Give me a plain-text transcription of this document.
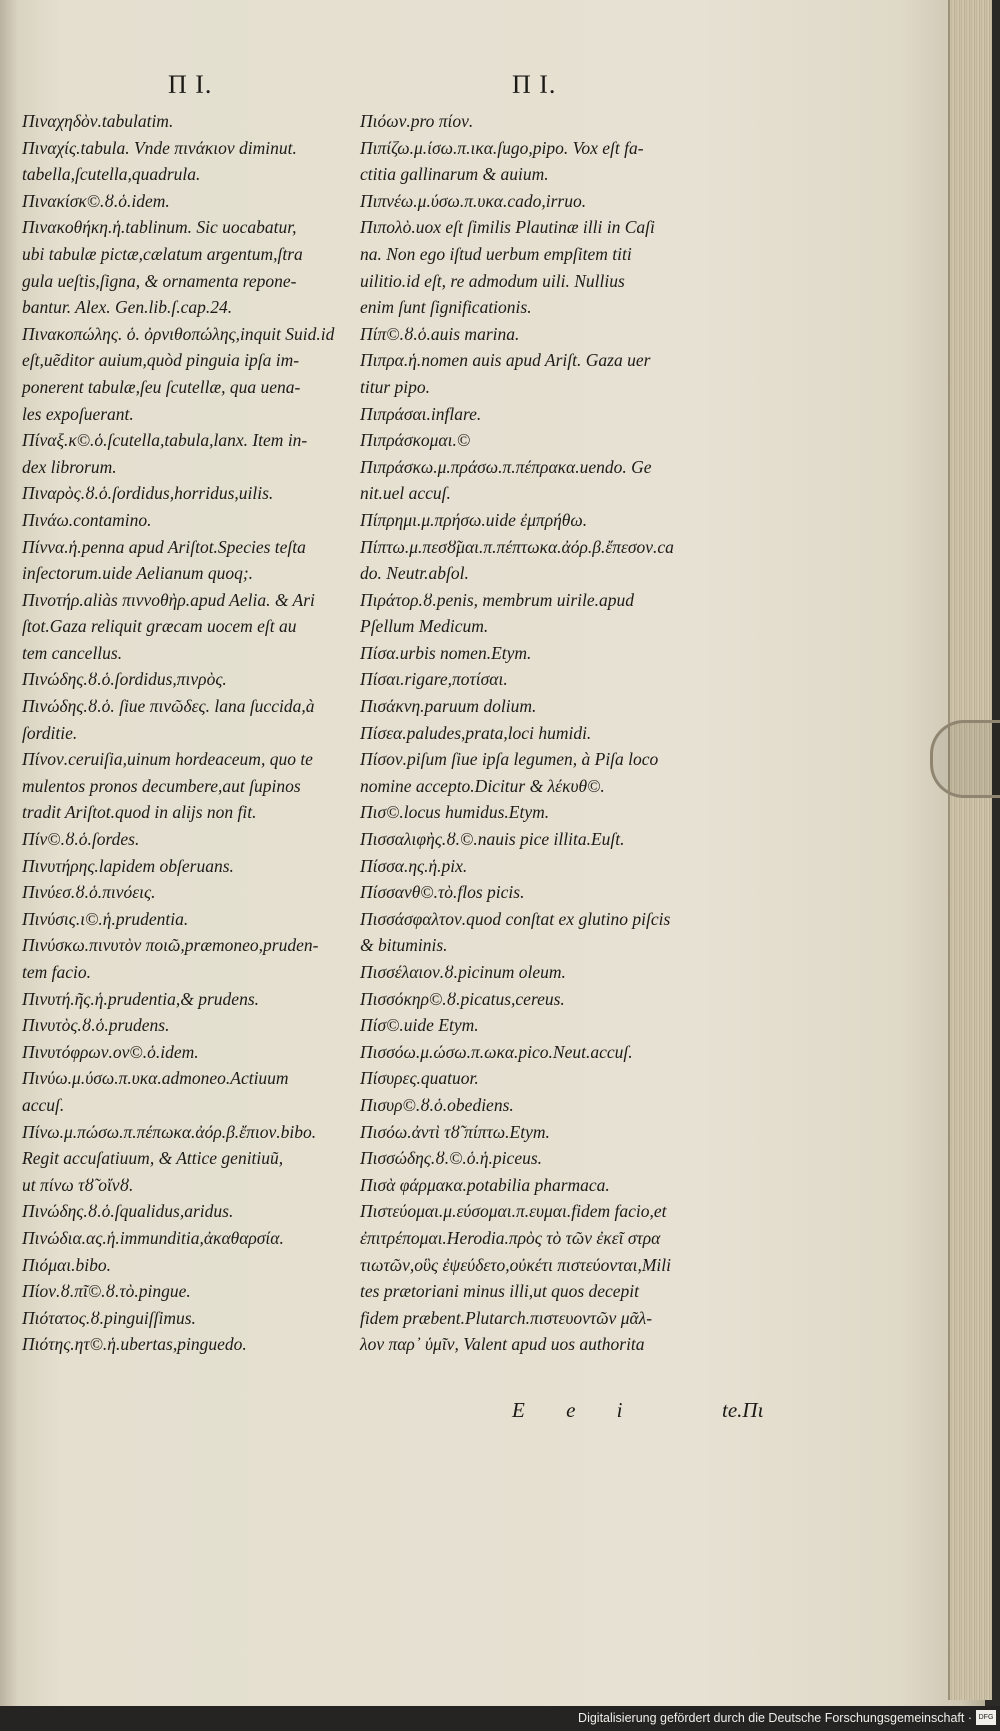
Π Ι.	Π Ι.
Πιναχηδὸν.tabulatim.
Πιναχίς.tabula. Vnde πινάκιον diminut.
tabella,ſcutella,quadrula.
Πινακίσκ©.ȣ.ὁ.idem.
Πινακοθήκη.ἡ.tablinum. Sic uocabatur,
ubi tabulæ pictæ,cælatum argentum,ſtra
gula ueſtis,ſigna, & ornamenta repone-
bantur. Alex. Gen.lib.ſ.cap.24.
Πινακοπώλης. ὁ. ὀρνιθοπώλης,inquit Suid.id
eſt,uẽditor auium,quòd pinguia ipſa im-
ponerent tabulæ,ſeu ſcutellæ, qua uena-
les expoſuerant.
Πίναξ.κ©.ὁ.ſcutella,tabula,lanx. Item in-
dex librorum.
Πιναρὸς.ȣ.ὁ.ſordidus,horridus,uilis.
Πινάω.contamino.
Πίννα.ἡ.penna apud Ariſtot.Species teſta
inſectorum.uide Aelianum quoq;.
Πινοτήρ.aliàs πιννοθὴρ.apud Aelia. & Ari
ſtot.Gaza reliquit græcam uocem eſt au
tem cancellus.
Πινώδης.ȣ.ὁ.ſordidus,πινρὸς.
Πινώδης.ȣ.ὁ. ſiue πινῶδες. lana ſuccida,à
ſorditie.
Πίνον.ceruiſia,uinum hordeaceum, quo te
mulentos pronos decumbere,aut ſupinos
tradit Ariſtot.quod in alijs non fit.
Πίν©.ȣ.ὁ.ſordes.
Πινυτήρης.lapidem obſeruans.
Πινύεσ.ȣ.ὁ.πινόεις.
Πινύσις.ι©.ἡ.prudentia.
Πινύσκω.πινυτὸν ποιῶ,præmoneo,pruden-
tem facio.
Πινυτή.ῆς.ἡ.prudentia,& prudens.
Πινυτὸς.ȣ.ὁ.prudens.
Πινυτόφρων.ον©.ὁ.idem.
Πινύω.μ.ύσω.π.υκα.admoneo.Actiuum
accuſ.
Πίνω.μ.πώσω.π.πέπωκα.ἀόρ.β.ἔπιον.bibo.
Regit accuſatiuum, & Attice genitiuũ,
ut πίνω τȣ̃ οἴνȣ.
Πινώδης.ȣ.ὁ.ſqualidus,aridus.
Πινώδια.ας.ἡ.immunditia,ἀκαθαρσία.
Πιόμαι.bibo.
Πίον.ȣ.πῖ©.ȣ.τὸ.pingue.
Πιότατος.ȣ.pinguiſſimus.
Πιότης.ητ©.ἡ.ubertas,pinguedo.
Πιόων.pro πίον.
Πιπίζω.μ.ίσω.π.ικα.ſugo,pipo. Vox eſt fa-
ctitia gallinarum & auium.
Πιπνέω.μ.ύσω.π.υκα.cado,irruo.
Πιπολὸ.uox eſt ſimilis Plautinæ illi in Caſi
na. Non ego iſtud uerbum empſitem titi
uilitio.id eſt, re admodum uili. Nullius
enim ſunt ſignificationis.
Πίπ©.ȣ.ὁ.auis marina.
Πιπρα.ἡ.nomen auis apud Ariſt. Gaza uer
titur pipo.
Πιπράσαι.inflare.
Πιπράσκομαι.©
Πιπράσκω.μ.πράσω.π.πέπρακα.uendo. Ge
nit.uel accuſ.
Πίπρημι.μ.πρήσω.uide ἐμπρήθω.
Πίπτω.μ.πεσȣ̃μαι.π.πέπτωκα.ἀόρ.β.ἔπεσον.ca
do. Neutr.abſol.
Πιράτορ.ȣ.penis, membrum uirile.apud
Pſellum Medicum.
Πίσα.urbis nomen.Etym.
Πίσαι.rigare,ποτίσαι.
Πισάκνη.paruum dolium.
Πίσεα.paludes,prata,loci humidi.
Πίσον.piſum ſiue ipſa legumen, à Piſa loco
nomine accepto.Dicitur & λέκυθ©.
Πισ©.locus humidus.Etym.
Πισσαλιφὴς.ȣ.©.nauis pice illita.Euſt.
Πίσσα.ης.ἡ.pix.
Πίσσανθ©.τὸ.flos picis.
Πισσάσφαλτον.quod conſtat ex glutino piſcis
& bituminis.
Πισσέλαιον.ȣ.picinum oleum.
Πισσόκηρ©.ȣ.picatus,cereus.
Πίσ©.uide Etym.
Πισσόω.μ.ώσω.π.ωκα.pico.Neut.accuſ.
Πίσυρες.quatuor.
Πισυρ©.ȣ.ὁ.obediens.
Πισόω.ἀντὶ τȣ̃ πίπτω.Etym.
Πισσώδης.ȣ.©.ὁ.ἡ.piceus.
Πισὰ φάρμακα.potabilia pharmaca.
Πιστεύομαι.μ.εύσομαι.π.ευμαι.fidem facio,et
ἐπιτρέπομαι.Herodia.πρὸς τὸ τῶν ἐκεῖ στρα
τιωτῶν,οὓς ἐψεύδετο,οὐκέτι πιστεύονται,Mili
tes prætoriani minus illi,ut quos decepit
fidem præbent.Plutarch.πιστευοντῶν μᾶλ-
λον παρ᾽ ὑμῖν, Valent apud uos authorita
E e i	te.Πι
Digitalisierung gefördert durch die Deutsche Forschungsgemeinschaft · DFG
